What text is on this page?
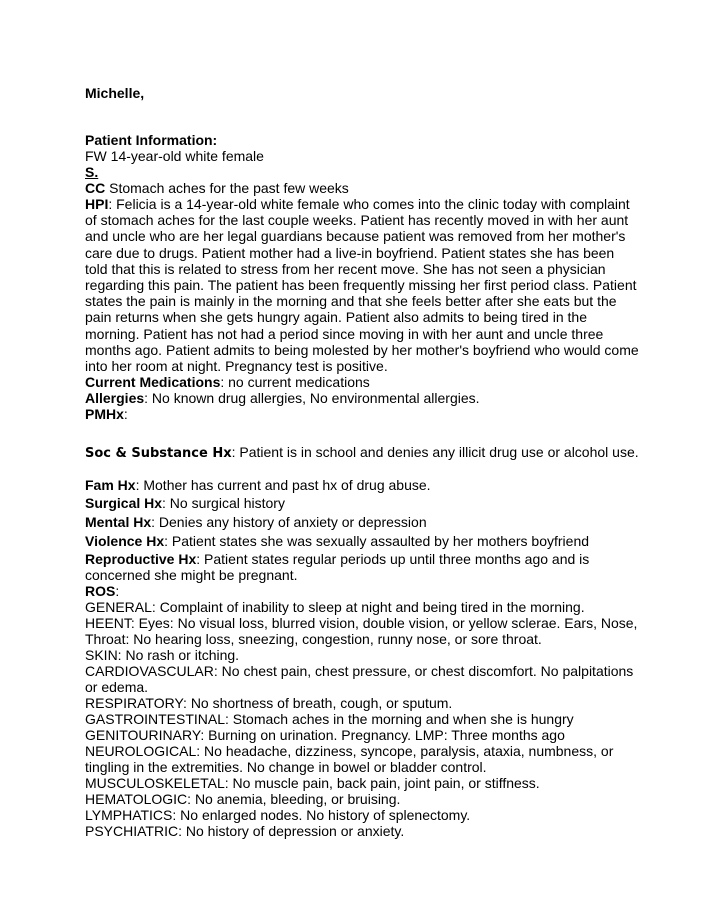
Michelle,
Patient Information:
FW 14-year-old white female
S.
CC Stomach aches for the past few weeks
HPI: Felicia is a 14-year-old white female who comes into the clinic today with complaint of stomach aches for the last couple weeks. Patient has recently moved in with her aunt and uncle who are her legal guardians because patient was removed from her mother's care due to drugs. Patient mother had a live-in boyfriend. Patient states she has been told that this is related to stress from her recent move. She has not seen a physician regarding this pain. The patient has been frequently missing her first period class. Patient states the pain is mainly in the morning and that she feels better after she eats but the pain returns when she gets hungry again. Patient also admits to being tired in the morning. Patient has not had a period since moving in with her aunt and uncle three months ago. Patient admits to being molested by her mother's boyfriend who would come into her room at night. Pregnancy test is positive.
Current Medications: no current medications
Allergies: No known drug allergies, No environmental allergies.
PMHx:
Soc & Substance Hx: Patient is in school and denies any illicit drug use or alcohol use.
Fam Hx: Mother has current and past hx of drug abuse.
Surgical Hx: No surgical history
Mental Hx: Denies any history of anxiety or depression
Violence Hx: Patient states she was sexually assaulted by her mothers boyfriend
Reproductive Hx: Patient states regular periods up until three months ago and is concerned she might be pregnant.
ROS:
GENERAL: Complaint of inability to sleep at night and being tired in the morning.
HEENT: Eyes: No visual loss, blurred vision, double vision, or yellow sclerae. Ears, Nose, Throat: No hearing loss, sneezing, congestion, runny nose, or sore throat.
SKIN: No rash or itching.
CARDIOVASCULAR: No chest pain, chest pressure, or chest discomfort. No palpitations or edema.
RESPIRATORY: No shortness of breath, cough, or sputum.
GASTROINTESTINAL: Stomach aches in the morning and when she is hungry
GENITOURINARY: Burning on urination. Pregnancy. LMP: Three months ago
NEUROLOGICAL: No headache, dizziness, syncope, paralysis, ataxia, numbness, or tingling in the extremities. No change in bowel or bladder control.
MUSCULOSKELETAL: No muscle pain, back pain, joint pain, or stiffness.
HEMATOLOGIC: No anemia, bleeding, or bruising.
LYMPHATICS: No enlarged nodes. No history of splenectomy.
PSYCHIATRIC: No history of depression or anxiety.
